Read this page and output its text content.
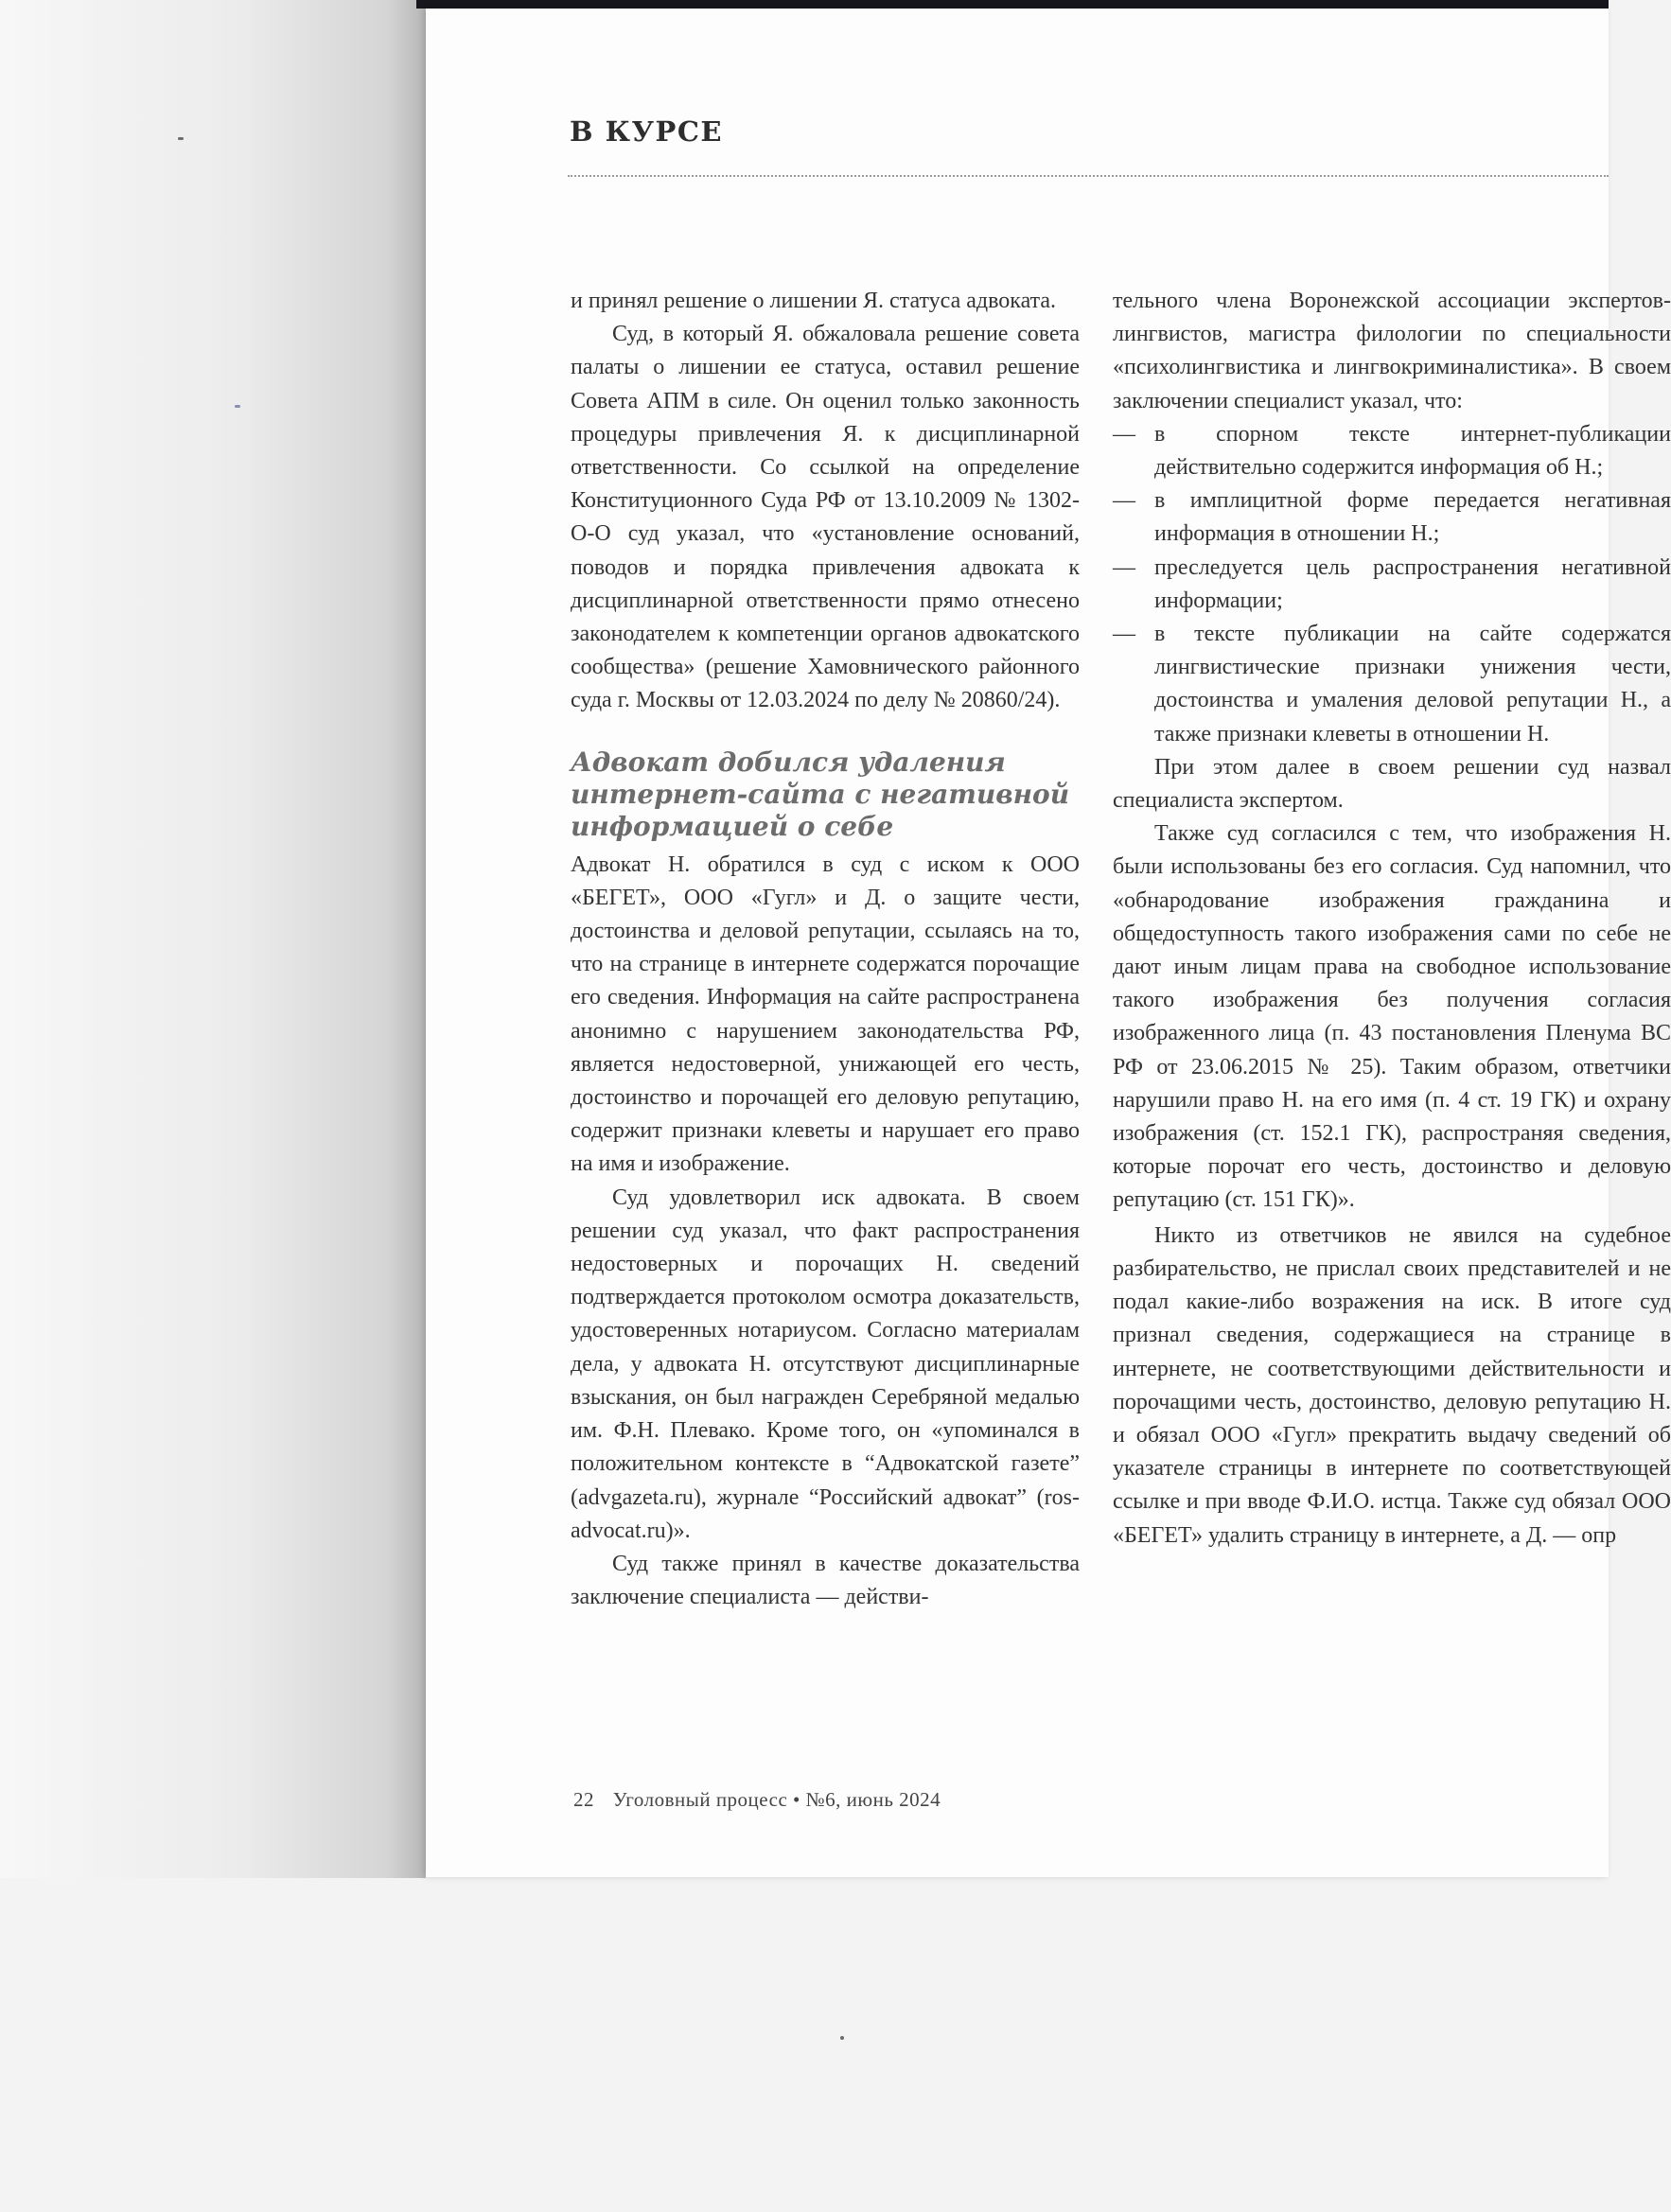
В КУРСЕ

и принял решение о лишении Я. статуса адвоката.

Суд, в который Я. обжаловала решение совета палаты о лишении ее статуса, оставил решение Совета АПМ в силе. Он оценил только законность процедуры привлечения Я. к дисциплинарной ответственности. Со ссылкой на определение Конституционного Суда РФ от 13.10.2009 № 1302-О-О суд указал, что «установление оснований, поводов и порядка привлечения адвоката к дисциплинарной ответственности прямо отнесено законодателем к компетенции органов адвокатского сообщества» (решение Хамовнического районного суда г. Москвы от 12.03.2024 по делу № 20860/24).

Адвокат добился удаления интернет-сайта с негативной информацией о себе

Адвокат Н. обратился в суд с иском к ООО «БЕГЕТ», ООО «Гугл» и Д. о защите чести, достоинства и деловой репутации, ссылаясь на то, что на странице в интернете содержатся порочащие его сведения. Информация на сайте распространена анонимно с нарушением законодательства РФ, является недостоверной, унижающей его честь, достоинство и порочащей его деловую репутацию, содержит признаки клеветы и нарушает его право на имя и изображение.

Суд удовлетворил иск адвоката. В своем решении суд указал, что факт распространения недостоверных и порочащих Н. сведений подтверждается протоколом осмотра доказательств, удостоверенных нотариусом. Согласно материалам дела, у адвоката Н. отсутствуют дисциплинарные взыскания, он был награжден Серебряной медалью им. Ф.Н. Плевако. Кроме того, он «упоминался в положительном контексте в “Адвокатской газете” (advgazeta.ru), журнале “Российский адвокат” (ros-advocat.ru)».

Суд также принял в качестве доказательства заключение специалиста — действи-

тельного члена Воронежской ассоциации экспертов-лингвистов, магистра филологии по специальности «психолингвистика и лингвокриминалистика». В своем заключении специалист указал, что:

— в спорном тексте интернет-публикации действительно содержится информация об Н.;
— в имплицитной форме передается негативная информация в отношении Н.;
— преследуется цель распространения негативной информации;
— в тексте публикации на сайте содержатся лингвистические признаки унижения чести, достоинства и умаления деловой репутации Н., а также признаки клеветы в отношении Н.

При этом далее в своем решении суд назвал специалиста экспертом.

Также суд согласился с тем, что изображения Н. были использованы без его согласия. Суд напомнил, что «обнародование изображения гражданина и общедоступность такого изображения сами по себе не дают иным лицам права на свободное использование такого изображения без получения согласия изображенного лица (п. 43 постановления Пленума ВС РФ от 23.06.2015 № 25). Таким образом, ответчики нарушили право Н. на его имя (п. 4 ст. 19 ГК) и охрану изображения (ст. 152.1 ГК), распространяя сведения, которые порочат его честь, достоинство и деловую репутацию (ст. 151 ГК)».

Никто из ответчиков не явился на судебное разбирательство, не прислал своих представителей и не подал какие-либо возражения на иск. В итоге суд признал сведения, содержащиеся на странице в интернете, не соответствующими действительности и порочащими честь, достоинство, деловую репутацию Н. и обязал ООО «Гугл» прекратить выдачу сведений об указателе страницы в интернете по соответствующей ссылке и при вводе Ф.И.О. истца. Также суд обязал ООО «БЕГЕТ» удалить страницу в интернете, а Д. — опр

22 Уголовный процесс • №6, июнь 2024
